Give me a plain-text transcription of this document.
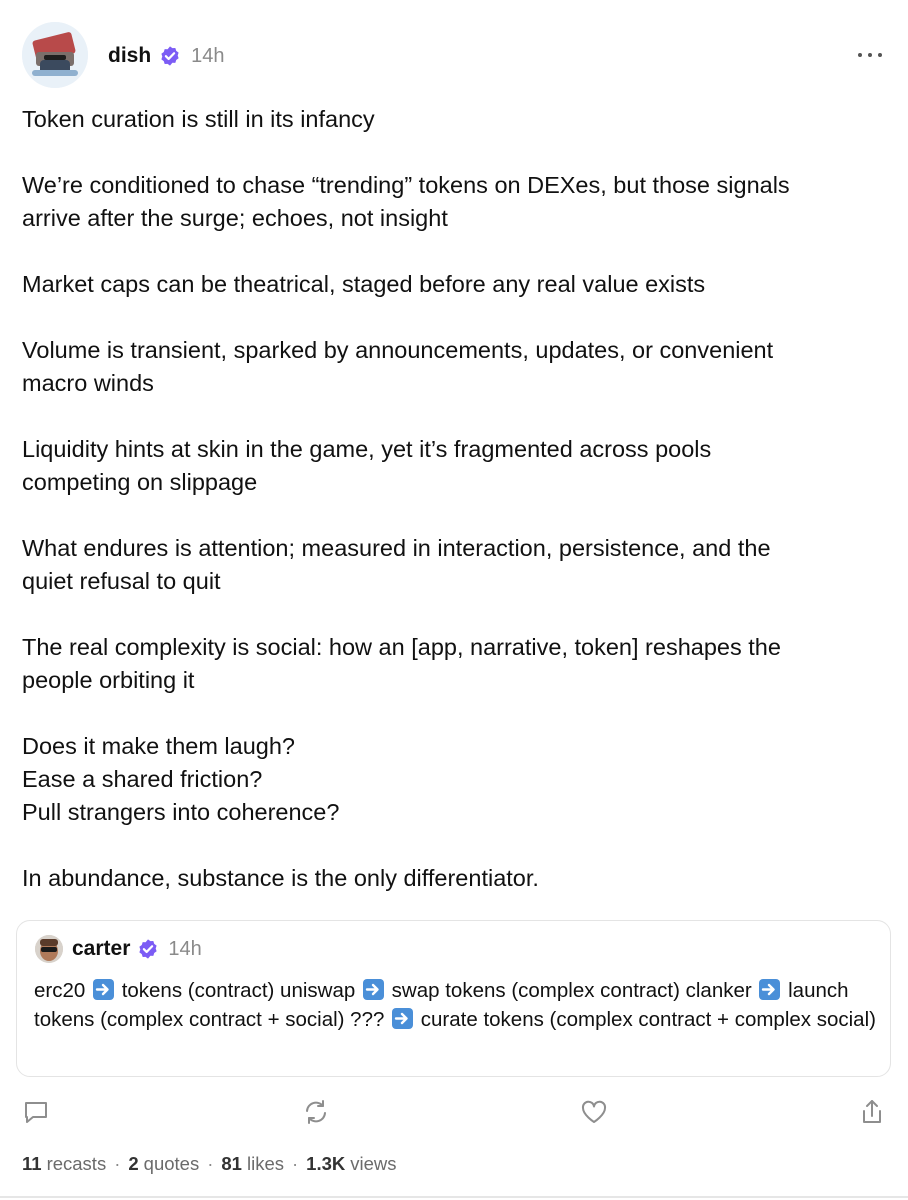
dish 14h

Token curation is still in its infancy

We’re conditioned to chase “trending” tokens on DEXes, but those signals
arrive after the surge; echoes, not insight

Market caps can be theatrical, staged before any real value exists

Volume is transient, sparked by announcements, updates, or convenient
macro winds

Liquidity hints at skin in the game, yet it’s fragmented across pools
competing on slippage

What endures is attention; measured in interaction, persistence, and the
quiet refusal to quit

The real complexity is social: how an [app, narrative, token] reshapes the
people orbiting it

Does it make them laugh?
Ease a shared friction?
Pull strangers into coherence?

In abundance, substance is the only differentiator.

carter 14h
erc20 tokens (contract) uniswap swap tokens (complex contract) clanker launch tokens (complex contract + social) ??? curate tokens (complex contract + complex social)
11 recasts · 2 quotes · 81 likes · 1.3K views
